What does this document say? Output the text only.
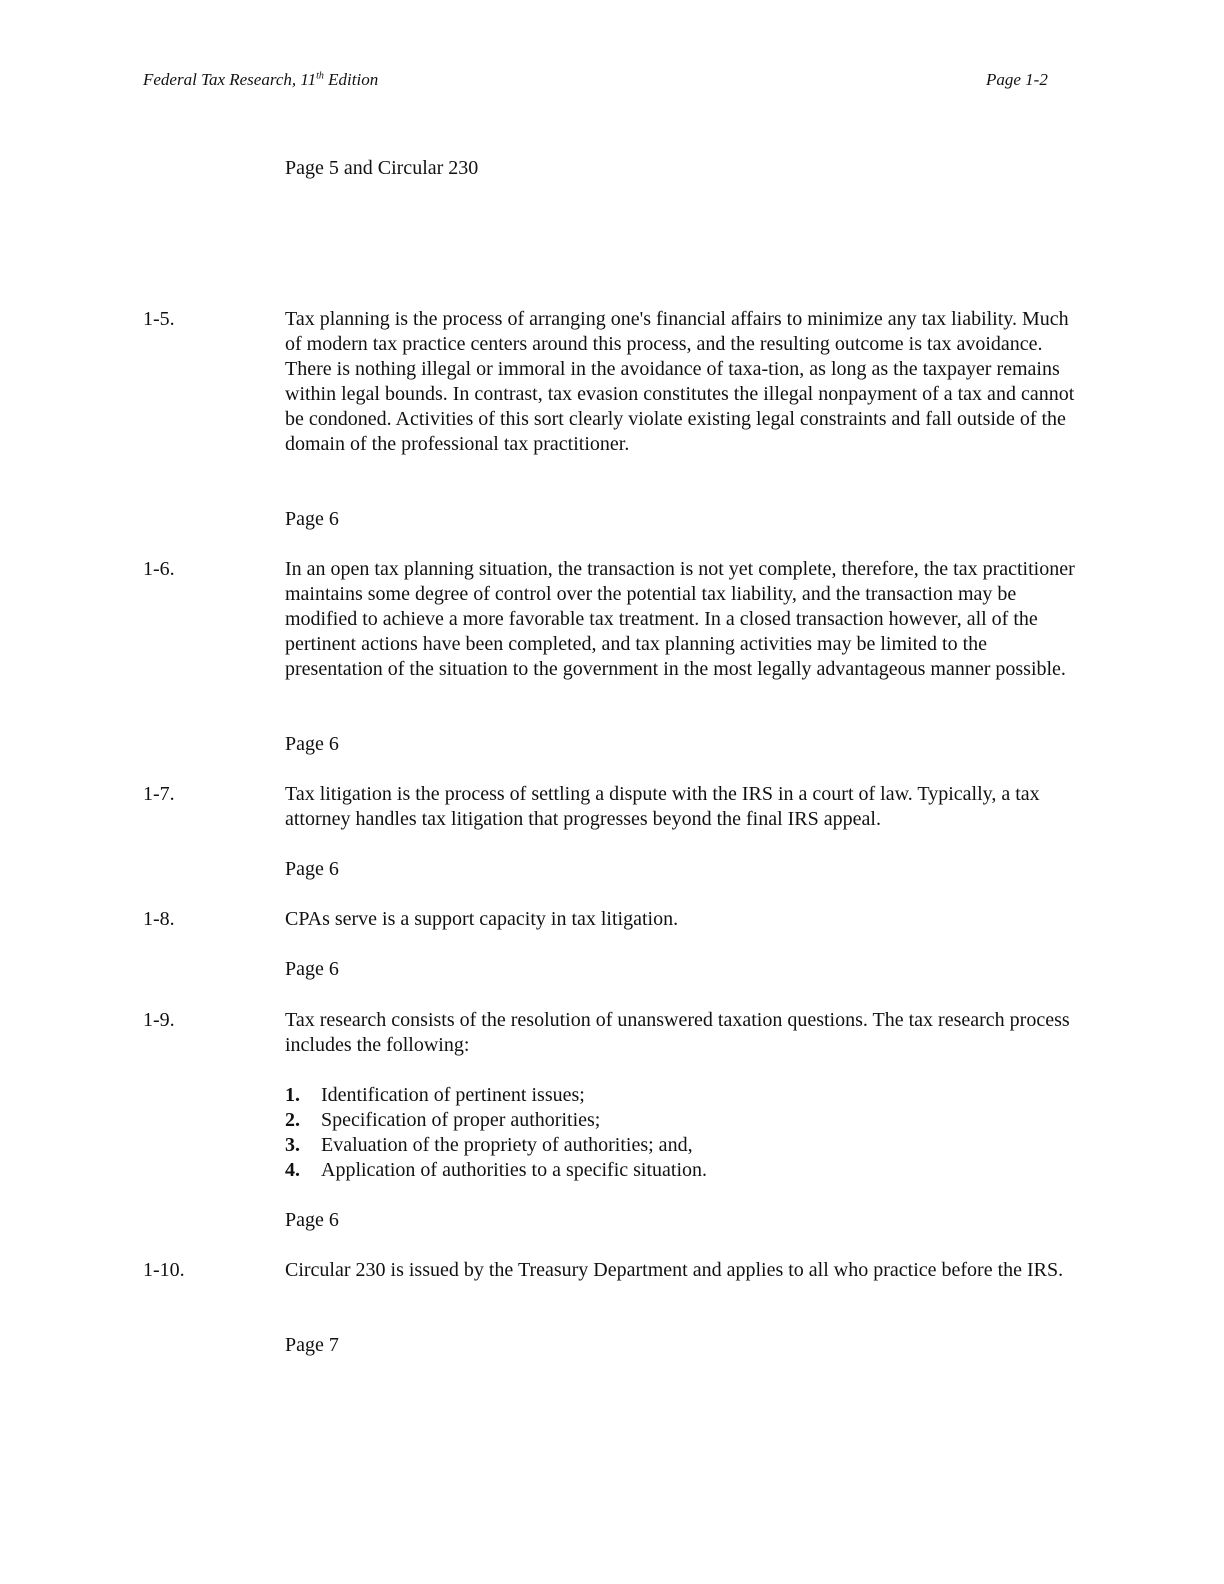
Federal Tax Research, 11th Edition	Page 1-2
Page 5 and Circular 230
1-5.	Tax planning is the process of arranging one's financial affairs to minimize any tax liability. Much of modern tax practice centers around this process, and the resulting outcome is tax avoidance. There is nothing illegal or immoral in the avoidance of taxa-tion, as long as the taxpayer remains within legal bounds. In contrast, tax evasion constitutes the illegal nonpayment of a tax and cannot be condoned. Activities of this sort clearly violate existing legal constraints and fall outside of the domain of the professional tax practitioner.
Page 6
1-6.	In an open tax planning situation, the transaction is not yet complete, therefore, the tax practitioner maintains some degree of control over the potential tax liability, and the transaction may be modified to achieve a more favorable tax treatment. In a closed transaction however, all of the pertinent actions have been completed, and tax planning activities may be limited to the presentation of the situation to the government in the most legally advantageous manner possible.
Page 6
1-7.	Tax litigation is the process of settling a dispute with the IRS in a court of law. Typically, a tax attorney handles tax litigation that progresses beyond the final IRS appeal.
Page 6
1-8.	CPAs serve is a support capacity in tax litigation.
Page 6
1-9.	Tax research consists of the resolution of unanswered taxation questions. The tax research process includes the following:
1.	Identification of pertinent issues;
2.	Specification of proper authorities;
3.	Evaluation of the propriety of authorities; and,
4.	Application of authorities to a specific situation.
Page 6
1-10.	Circular 230 is issued by the Treasury Department and applies to all who practice before the IRS.
Page 7
